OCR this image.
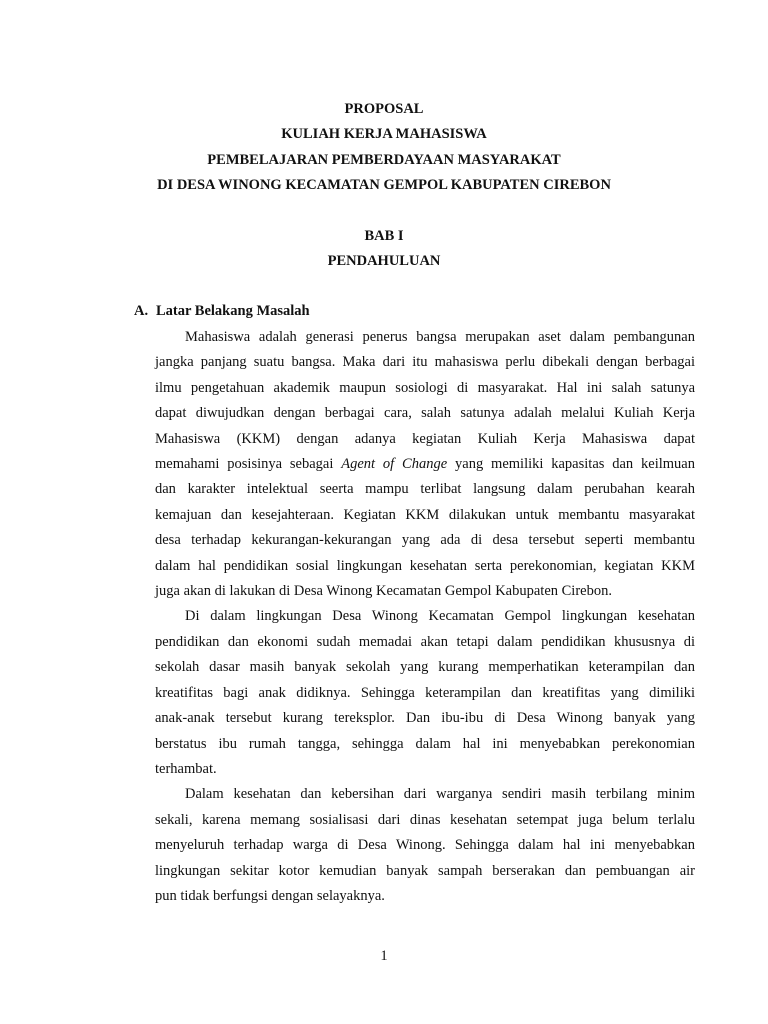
PROPOSAL
KULIAH KERJA MAHASISWA
PEMBELAJARAN PEMBERDAYAAN MASYARAKAT
DI DESA WINONG KECAMATAN GEMPOL KABUPATEN CIREBON
BAB I
PENDAHULUAN
A. Latar Belakang Masalah
Mahasiswa adalah generasi penerus bangsa merupakan aset dalam pembangunan
jangka panjang suatu bangsa. Maka dari itu mahasiswa perlu dibekali dengan berbagai
ilmu pengetahuan akademik maupun sosiologi di masyarakat. Hal ini salah satunya
dapat diwujudkan dengan berbagai cara, salah satunya adalah melalui Kuliah Kerja
Mahasiswa (KKM) dengan adanya kegiatan Kuliah Kerja Mahasiswa dapat
memahami posisinya sebagai Agent of Change yang memiliki kapasitas dan keilmuan
dan karakter intelektual seerta mampu terlibat langsung dalam perubahan kearah
kemajuan dan kesejahteraan. Kegiatan KKM dilakukan untuk membantu masyarakat
desa terhadap kekurangan-kekurangan yang ada di desa tersebut seperti membantu
dalam hal pendidikan sosial lingkungan kesehatan serta perekonomian, kegiatan KKM
juga akan di lakukan di Desa Winong Kecamatan Gempol Kabupaten Cirebon.
Di dalam lingkungan Desa Winong Kecamatan Gempol lingkungan kesehatan
pendidikan dan ekonomi sudah memadai akan tetapi dalam pendidikan khususnya di
sekolah dasar masih banyak sekolah yang kurang memperhatikan keterampilan dan
kreatifitas bagi anak didiknya. Sehingga keterampilan dan kreatifitas yang dimiliki
anak-anak tersebut kurang tereksplor. Dan ibu-ibu di Desa Winong banyak yang
berstatus ibu rumah tangga, sehingga dalam hal ini menyebabkan perekonomian
terhambat.
Dalam kesehatan dan kebersihan dari warganya sendiri masih terbilang minim
sekali, karena memang sosialisasi dari dinas kesehatan setempat juga belum terlalu
menyeluruh terhadap warga di Desa Winong. Sehingga dalam hal ini menyebabkan
lingkungan sekitar kotor kemudian banyak sampah berserakan dan pembuangan air
pun tidak berfungsi dengan selayaknya.
1
